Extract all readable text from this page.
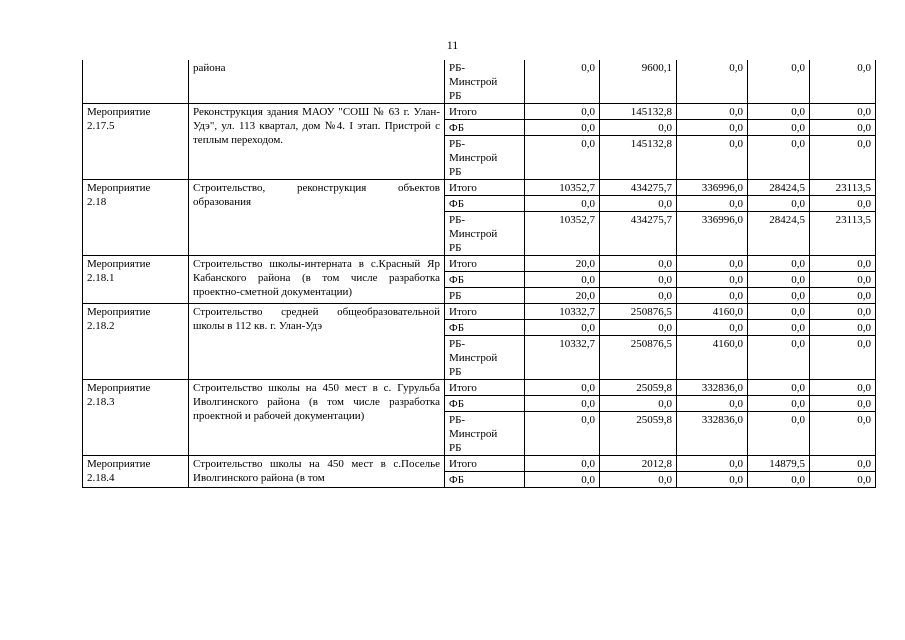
11
	района	РБ-
Минстрой
РБ	0,0	9600,1	0,0	0,0	0,0
Мероприятие
2.17.5	Реконструкция здания МАОУ "СОШ № 63 г. Улан-Удэ", ул. 113 квартал, дом №4. I этап. Пристрой с теплым переходом.	Итого	0,0	145132,8	0,0	0,0	0,0
		ФБ	0,0	0,0	0,0	0,0	0,0
		РБ-
Минстрой
РБ	0,0	145132,8	0,0	0,0	0,0
Мероприятие
2.18	Строительство, реконструкция объектов образования	Итого	10352,7	434275,7	336996,0	28424,5	23113,5
		ФБ	0,0	0,0	0,0	0,0	0,0
		РБ-
Минстрой
РБ	10352,7	434275,7	336996,0	28424,5	23113,5
Мероприятие
2.18.1	Строительство школы-интерната в с.Красный Яр Кабанского района (в том числе разработка проектно-сметной документации)	Итого	20,0	0,0	0,0	0,0	0,0
		ФБ	0,0	0,0	0,0	0,0	0,0
		РБ	20,0	0,0	0,0	0,0	0,0
Мероприятие
2.18.2	Строительство средней общеобразовательной школы в 112 кв. г. Улан-Удэ	Итого	10332,7	250876,5	4160,0	0,0	0,0
		ФБ	0,0	0,0	0,0	0,0	0,0
		РБ-
Минстрой
РБ	10332,7	250876,5	4160,0	0,0	0,0
Мероприятие
2.18.3	Строительство школы на 450 мест в с. Гурульба Иволгинского района (в том числе разработка проектной и рабочей документации)	Итого	0,0	25059,8	332836,0	0,0	0,0
		ФБ	0,0	0,0	0,0	0,0	0,0
		РБ-
Минстрой
РБ	0,0	25059,8	332836,0	0,0	0,0
Мероприятие
2.18.4	Строительство школы на 450 мест в с.Поселье Иволгинского района (в том	Итого	0,0	2012,8	0,0	14879,5	0,0
		ФБ	0,0	0,0	0,0	0,0	0,0
